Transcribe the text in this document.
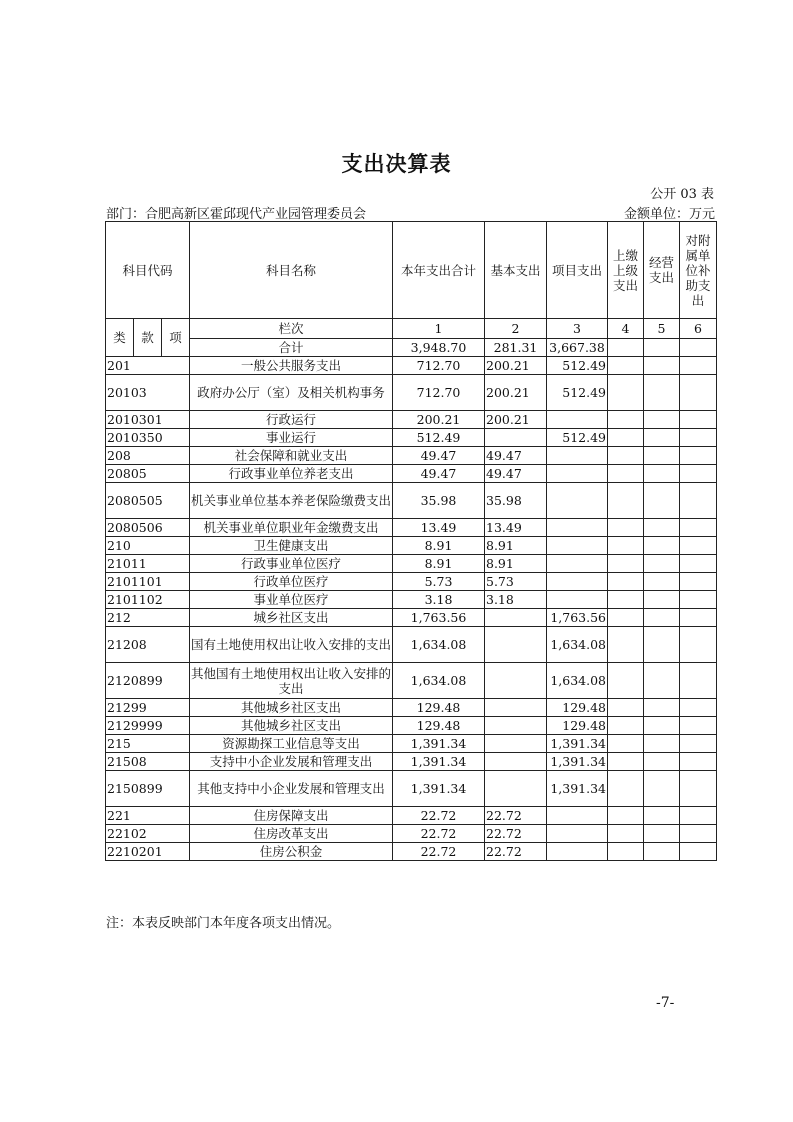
支出决算表
公开 03 表
部门：合肥高新区霍邱现代产业园管理委员会	金额单位：万元
科目代码			科目名称	本年支出合计	基本支出	项目支出	上缴上级支出	经营支出	对附属单位补助支出
类	款	项	栏次	1	2	3	4	5	6
			合计	3,948.70	281.31	3,667.38			
201			一般公共服务支出	712.70	200.21	512.49			
20103			政府办公厅（室）及相关机构事务	712.70	200.21	512.49			
2010301			行政运行	200.21	200.21				
2010350			事业运行	512.49		512.49			
208			社会保障和就业支出	49.47	49.47				
20805			行政事业单位养老支出	49.47	49.47				
2080505			机关事业单位基本养老保险缴费支出	35.98	35.98				
2080506			机关事业单位职业年金缴费支出	13.49	13.49				
210			卫生健康支出	8.91	8.91				
21011			行政事业单位医疗	8.91	8.91				
2101101			行政单位医疗	5.73	5.73				
2101102			事业单位医疗	3.18	3.18				
212			城乡社区支出	1,763.56		1,763.56			
21208			国有土地使用权出让收入安排的支出	1,634.08		1,634.08			
2120899			其他国有土地使用权出让收入安排的支出	1,634.08		1,634.08			
21299			其他城乡社区支出	129.48		129.48			
2129999			其他城乡社区支出	129.48		129.48			
215			资源勘探工业信息等支出	1,391.34		1,391.34			
21508			支持中小企业发展和管理支出	1,391.34		1,391.34			
2150899			其他支持中小企业发展和管理支出	1,391.34		1,391.34			
221			住房保障支出	22.72	22.72				
22102			住房改革支出	22.72	22.72				
2210201			住房公积金	22.72	22.72				
注：本表反映部门本年度各项支出情况。
-7-
